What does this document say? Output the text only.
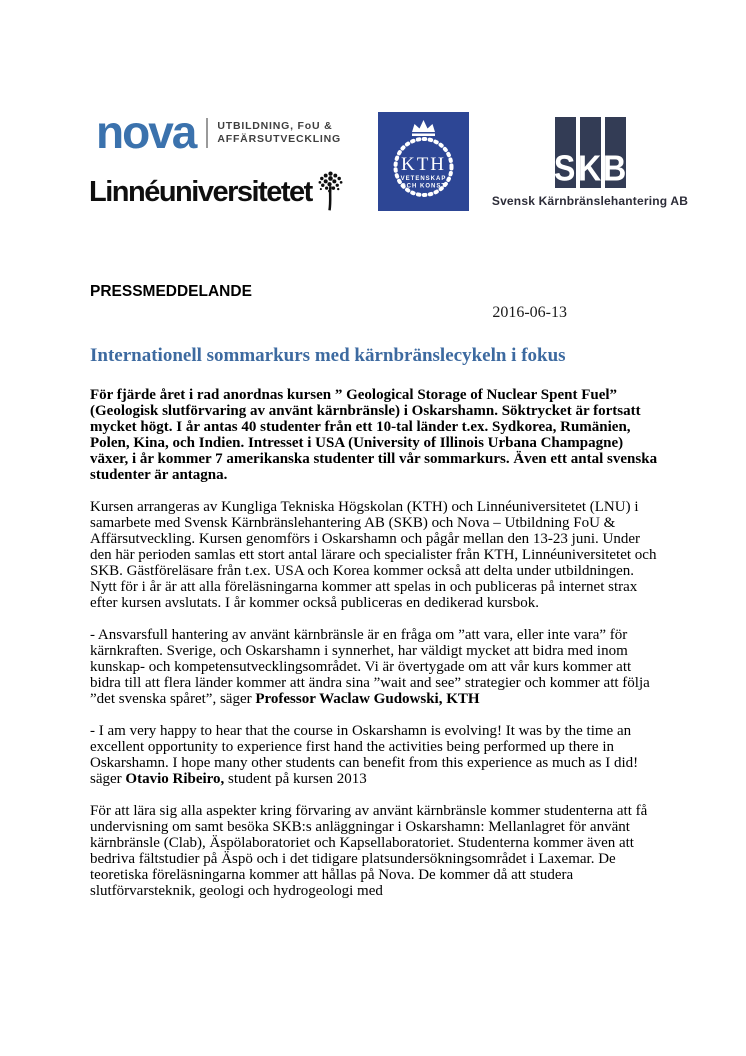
nova UTBILDNING, FoU &
AFFÄRSUTVECKLING
Linnéuniversitetet
KTH
VETENSKAP
OCH KONST	S K B
Svensk Kärnbränslehantering AB

PRESSMEDDELANDE

2016-06-13
Internationell sommarkurs med kärnbränslecykeln i fokus

För fjärde året i rad anordnas kursen ” Geological Storage of Nuclear Spent Fuel” (Geologisk slutförvaring av använt kärnbränsle) i Oskarshamn. Söktrycket är fortsatt mycket högt. I år antas 40 studenter från ett 10-tal länder t.ex. Sydkorea, Rumänien, Polen, Kina, och Indien. Intresset i USA (University of Illinois Urbana Champagne) växer, i år kommer 7 amerikanska studenter till vår sommarkurs. Även ett antal svenska studenter är antagna.

Kursen arrangeras av Kungliga Tekniska Högskolan (KTH) och Linnéuniversitetet (LNU) i samarbete med Svensk Kärnbränslehantering AB (SKB) och Nova – Utbildning FoU & Affärsutveckling. Kursen genomförs i Oskarshamn och pågår mellan den 13-23 juni. Under den här perioden samlas ett stort antal lärare och specialister från KTH, Linnéuniversitetet och SKB. Gästföreläsare från t.ex. USA och Korea kommer också att delta under utbildningen. Nytt för i år är att alla föreläsningarna kommer att spelas in och publiceras på internet strax efter kursen avslutats. I år kommer också publiceras en dedikerad kursbok.

- Ansvarsfull hantering av använt kärnbränsle är en fråga om ”att vara, eller inte vara” för kärnkraften. Sverige, och Oskarshamn i synnerhet, har väldigt mycket att bidra med inom kunskap- och kompetensutvecklingsområdet. Vi är övertygade om att vår kurs kommer att bidra till att flera länder kommer att ändra sina ”wait and see” strategier och kommer att följa ”det svenska spåret”, säger Professor Waclaw Gudowski, KTH

- I am very happy to hear that the course in Oskarshamn is evolving! It was by the time an excellent opportunity to experience first hand the activities being performed up there in Oskarshamn. I hope many other students can benefit from this experience as much as I did! säger Otavio Ribeiro, student på kursen 2013

För att lära sig alla aspekter kring förvaring av använt kärnbränsle kommer studenterna att få undervisning om samt besöka SKB:s anläggningar i Oskarshamn: Mellanlagret för använt kärnbränsle (Clab), Äspölaboratoriet och Kapsellaboratoriet. Studenterna kommer även att bedriva fältstudier på Äspö och i det tidigare platsundersökningsområdet i Laxemar. De teoretiska föreläsningarna kommer att hållas på Nova. De kommer då att studera slutförvarsteknik, geologi och hydrogeologi med
